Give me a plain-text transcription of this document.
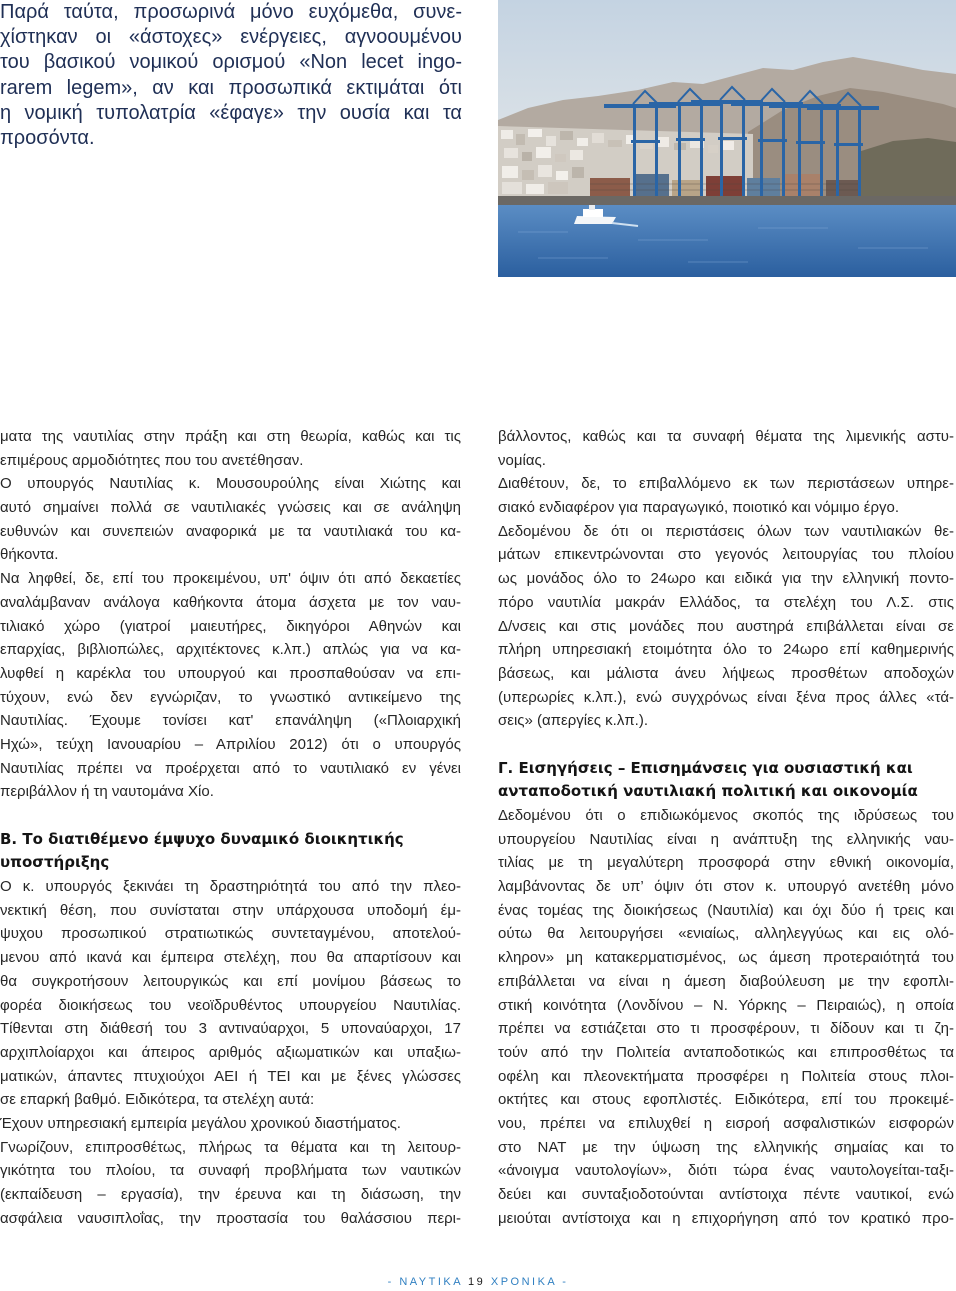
Παρά ταύτα, προσωρινά μόνο ευχόμεθα, συνε-
χίστηκαν οι «άστοχες» ενέργειες, αγνοουμένου
του βασικού νομικού ορισμού «Non lecet ingo-
rarem legem», αν και προσωπικά εκτιμάται ότι
η νομική τυπολατρία «έφαγε» την ουσία και τα
προσόντα.
ματα της ναυτιλίας στην πράξη και στη θεωρία, καθώς και τις
επιμέρους αρμοδιότητες που του ανετέθησαν.
Ο υπουργός Ναυτιλίας κ. Μουσουρούλης είναι Χιώτης και
αυτό σημαίνει πολλά σε ναυτιλιακές γνώσεις και σε ανάληψη
ευθυνών και συνεπειών αναφορικά με τα ναυτιλιακά του κα-
θήκοντα.
Να ληφθεί, δε, επί του προκειμένου, υπ' όψιν ότι από δεκαετίες
αναλάμβαναν ανάλογα καθήκοντα άτομα άσχετα με τον ναυ-
τιλιακό χώρο (γιατροί μαιευτήρες, δικηγόροι Αθηνών και
επαρχίας, βιβλιοπώλες, αρχιτέκτονες κ.λπ.) απλώς για να κα-
λυφθεί η καρέκλα του υπουργού και προσπαθούσαν να επι-
τύχουν, ενώ δεν εγνώριζαν, το γνωστικό αντικείμενο της
Ναυτιλίας. Έχουμε τονίσει κατ' επανάληψη («Πλοιαρχική
Ηχώ», τεύχη Ιανουαρίου – Απριλίου 2012) ότι ο υπουργός
Ναυτιλίας πρέπει να προέρχεται από το ναυτιλιακό εν γένει
περιβάλλον ή τη ναυτομάνα Χίο.
Β. Το διατιθέμενο έμψυχο δυναμικό διοικητικής
υποστήριξης
Ο κ. υπουργός ξεκινάει τη δραστηριότητά του από την πλεο-
νεκτική θέση, που συνίσταται στην υπάρχουσα υποδομή έμ-
ψυχου προσωπικού στρατιωτικώς συντεταγμένου, αποτελού-
μενου από ικανά και έμπειρα στελέχη, που θα απαρτίσουν και
θα συγκροτήσουν λειτουργικώς και επί μονίμου βάσεως το
φορέα διοικήσεως του νεοϊδρυθέντος υπουργείου Ναυτιλίας.
Τίθενται στη διάθεσή του 3 αντιναύαρχοι, 5 υποναύαρχοι, 17
αρχιπλοίαρχοι και άπειρος αριθμός αξιωματικών και υπαξιω-
ματικών, άπαντες πτυχιούχοι ΑΕΙ ή ΤΕΙ και με ξένες γλώσσες
σε επαρκή βαθμό. Ειδικότερα, τα στελέχη αυτά:
Έχουν υπηρεσιακή εμπειρία μεγάλου χρονικού διαστήματος.
Γνωρίζουν, επιπροσθέτως, πλήρως τα θέματα και τη λειτουρ-
γικότητα του πλοίου, τα συναφή προβλήματα των ναυτικών
(εκπαίδευση – εργασία), την έρευνα και τη διάσωση, την
ασφάλεια ναυσιπλοΐας, την προστασία του θαλάσσιου περι-
βάλλοντος, καθώς και τα συναφή θέματα της λιμενικής αστυ-
νομίας.
Διαθέτουν, δε, το επιβαλλόμενο εκ των περιστάσεων υπηρε-
σιακό ενδιαφέρον για παραγωγικό, ποιοτικό και νόμιμο έργο.
Δεδομένου δε ότι οι περιστάσεις όλων των ναυτιλιακών θε-
μάτων επικεντρώνονται στο γεγονός λειτουργίας του πλοίου
ως μονάδος όλο το 24ωρο και ειδικά για την ελληνική ποντο-
πόρο ναυτιλία μακράν Ελλάδος, τα στελέχη του Λ.Σ. στις
Δ/νσεις και στις μονάδες που αυστηρά επιβάλλεται είναι σε
πλήρη υπηρεσιακή ετοιμότητα όλο το 24ωρο επί καθημερινής
βάσεως, και μάλιστα άνευ λήψεως προσθέτων αποδοχών
(υπερωρίες κ.λπ.), ενώ συγχρόνως είναι ξένα προς άλλες «τά-
σεις» (απεργίες κ.λπ.).
Γ. Εισηγήσεις – Επισημάνσεις για ουσιαστική και
ανταποδοτική ναυτιλιακή πολιτική και οικονομία
Δεδομένου ότι ο επιδιωκόμενος σκοπός της ιδρύσεως του
υπουργείου Ναυτιλίας είναι η ανάπτυξη της ελληνικής ναυ-
τιλίας με τη μεγαλύτερη προσφορά στην εθνική οικονομία,
λαμβάνοντας δε υπ’ όψιν ότι στον κ. υπουργό ανετέθη μόνο
ένας τομέας της διοικήσεως (Ναυτιλία) και όχι δύο ή τρεις και
ούτω θα λειτουργήσει «ενιαίως, αλληλεγγύως και εις ολό-
κληρον» μη κατακερματισμένος, ως άμεση προτεραιότητά του
επιβάλλεται να είναι η άμεση διαβούλευση με την εφοπλι-
στική κοινότητα (Λονδίνου – Ν. Υόρκης – Πειραιώς), η οποία
πρέπει να εστιάζεται στο τι προσφέρουν, τι δίδουν και τι ζη-
τούν από την Πολιτεία ανταποδοτικώς και επιπροσθέτως τα
οφέλη και πλεονεκτήματα προσφέρει η Πολιτεία στους πλοι-
οκτήτες και στους εφοπλιστές. Ειδικότερα, επί του προκειμέ-
νου, πρέπει να επιλυχθεί η εισροή ασφαλιστικών εισφορών
στο ΝΑΤ με την ύψωση της ελληνικής σημαίας και το
«άνοιγμα ναυτολογίων», διότι τώρα ένας ναυτολογείται-ταξι-
δεύει και συνταξιοδοτούνται αντίστοιχα πέντε ναυτικοί, ενώ
μειούται αντίστοιχα και η επιχορήγηση από τον κρατικό προ-
- ΝΑΥΤΙΚΑ 19 ΧΡΟΝΙΚΑ -
